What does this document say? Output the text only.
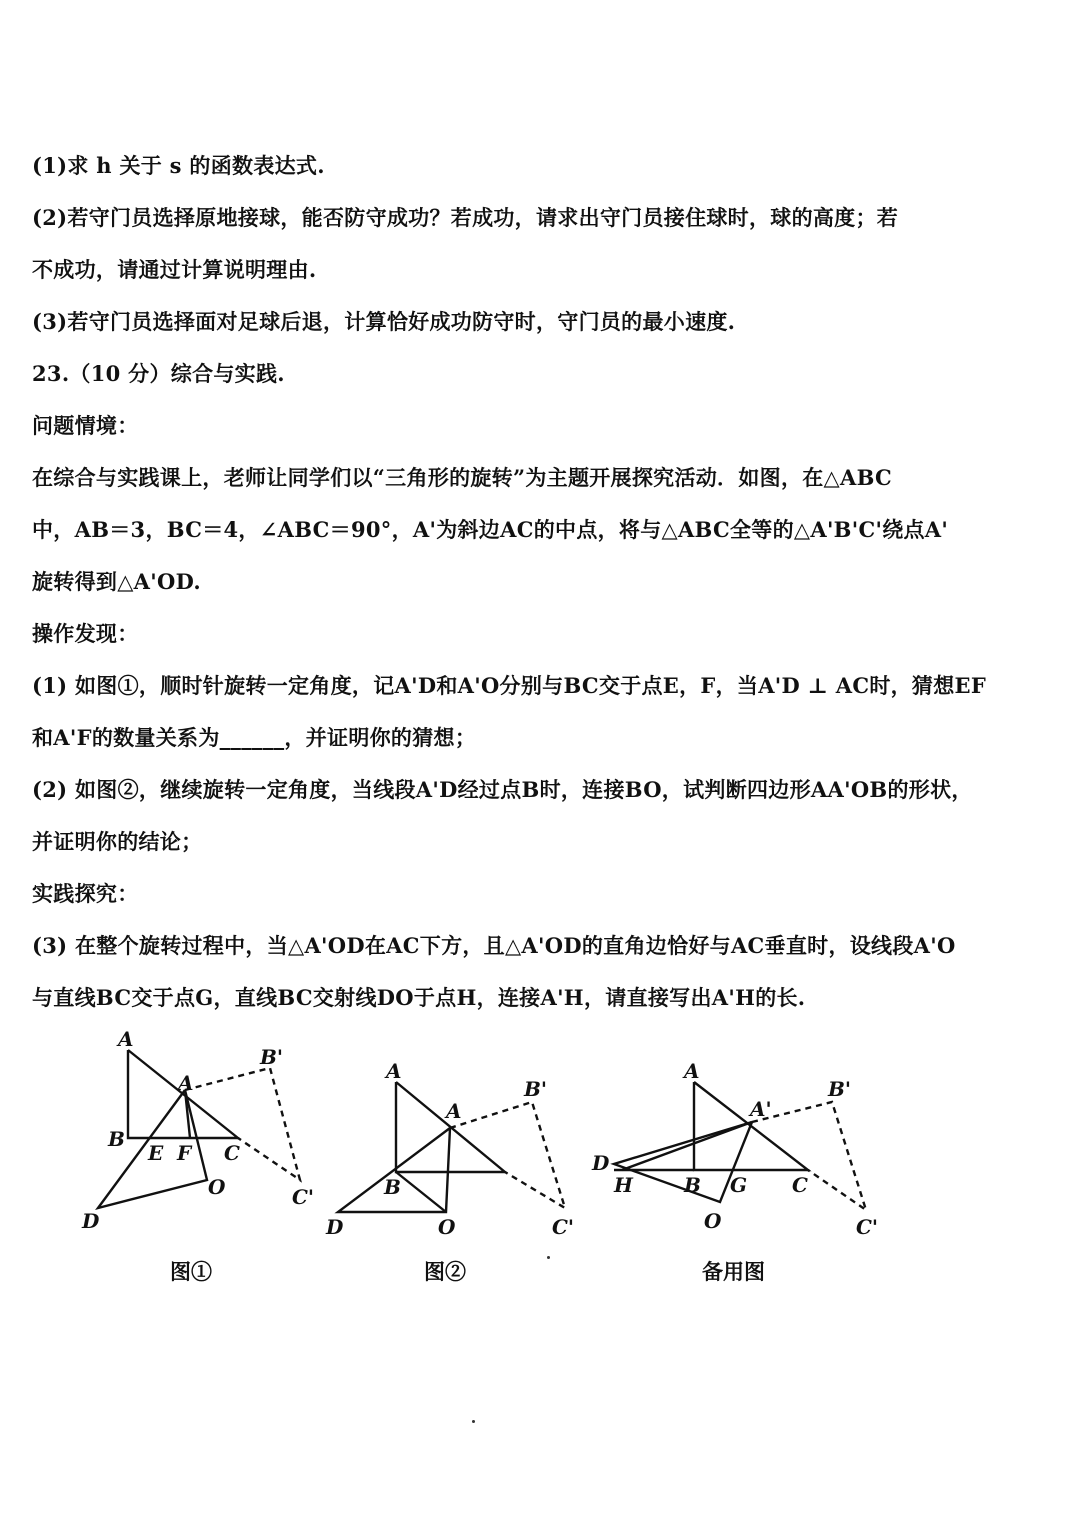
(1)求 h 关于 s 的函数表达式.
(2)若守门员选择原地接球，能否防守成功？若成功，请求出守门员接住球时，球的高度；若
不成功，请通过计算说明理由.
(3)若守门员选择面对足球后退，计算恰好成功防守时，守门员的最小速度.
23.（10 分）综合与实践.
问题情境：
在综合与实践课上，老师让同学们以“三角形的旋转”为主题开展探究活动．如图，在△ABC
中，AB＝3，BC＝4，∠ABC＝90°，A'为斜边AC的中点，将与△ABC全等的△A'B'C'绕点A'
旋转得到△A'OD.
操作发现：
(1) 如图①，顺时针旋转一定角度，记A'D和A'O分别与BC交于点E，F，当A'D ⊥ AC时，猜想EF
和A'F的数量关系为______，并证明你的猜想；
(2) 如图②，继续旋转一定角度，当线段A'D经过点B时，连接BO，试判断四边形AA'OB的形状，
并证明你的结论；
实践探究：
(3) 在整个旋转过程中，当△A'OD在AC下方，且△A'OD的直角边恰好与AC垂直时，设线段A'O
与直线BC交于点G，直线BC交射线DO于点H，连接A'H，请直接写出A'H的长.
A
A
B
E F C
D
O
B'
C'
A
A
B
D	O
B'
C'
A
A'
B G C
D
H
O
B'
C'
图①	图②	备用图
